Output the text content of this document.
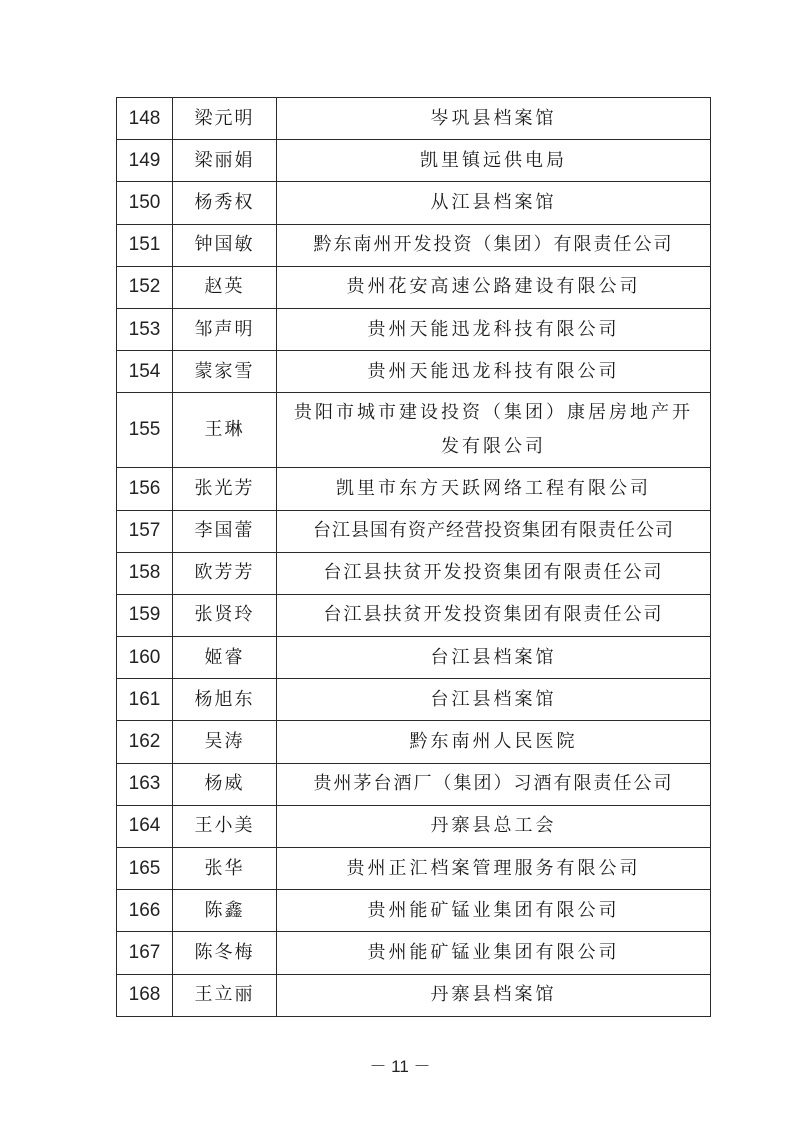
148	梁元明	岑巩县档案馆
149	梁丽娟	凯里镇远供电局
150	杨秀权	从江县档案馆
151	钟国敏	黔东南州开发投资（集团）有限责任公司
152	赵英	贵州花安高速公路建设有限公司
153	邹声明	贵州天能迅龙科技有限公司
154	蒙家雪	贵州天能迅龙科技有限公司
155	王琳	贵阳市城市建设投资（集团）康居房地产开发有限公司
156	张光芳	凯里市东方天跃网络工程有限公司
157	李国蕾	台江县国有资产经营投资集团有限责任公司
158	欧芳芳	台江县扶贫开发投资集团有限责任公司
159	张贤玲	台江县扶贫开发投资集团有限责任公司
160	姬睿	台江县档案馆
161	杨旭东	台江县档案馆
162	吴涛	黔东南州人民医院
163	杨威	贵州茅台酒厂（集团）习酒有限责任公司
164	王小美	丹寨县总工会
165	张华	贵州正汇档案管理服务有限公司
166	陈鑫	贵州能矿锰业集团有限公司
167	陈冬梅	贵州能矿锰业集团有限公司
168	王立丽	丹寨县档案馆
－ 11 －
